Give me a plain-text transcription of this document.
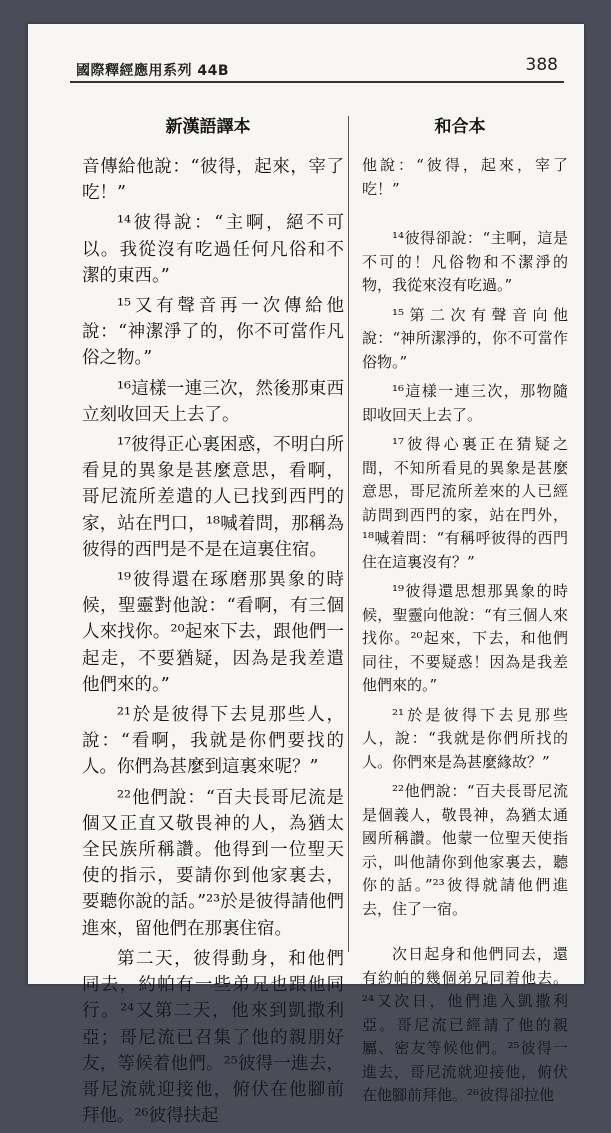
國際釋經應用系列 44B	388
新漢語譯本	和合本

音傳給他說：“彼得，起來，宰了吃！”

¹⁴彼得說：“主啊，絕不可以。我從沒有吃過任何凡俗和不潔的東西。”

¹⁵又有聲音再一次傳給他說：“神潔淨了的，你不可當作凡俗之物。”

¹⁶這樣一連三次，然後那東西立刻收回天上去了。

¹⁷彼得正心裏困惑，不明白所看見的異象是甚麼意思，看啊，哥尼流所差遣的人已找到西門的家，站在門口，¹⁸喊着問，那稱為彼得的西門是不是在這裏住宿。

¹⁹彼得還在琢磨那異象的時候，聖靈對他說：“看啊，有三個人來找你。²⁰起來下去，跟他們一起走，不要猶疑，因為是我差遣他們來的。”

²¹於是彼得下去見那些人，說：“看啊，我就是你們要找的人。你們為甚麼到這裏來呢？”

²²他們說：“百夫長哥尼流是個又正直又敬畏神的人，為猶太全民族所稱讚。他得到一位聖天使的指示，要請你到他家裏去，要聽你說的話。”²³於是彼得請他們進來，留他們在那裏住宿。

第二天，彼得動身，和他們同去，約帕有一些弟兄也跟他同行。²⁴又第二天，他來到凱撒利亞；哥尼流已召集了他的親朋好友，等候着他們。²⁵彼得一進去，哥尼流就迎接他，俯伏在他腳前拜他。²⁶彼得扶起

他說：“彼得，起來，宰了吃！”

¹⁴彼得卻說：“主啊，這是不可的！凡俗物和不潔淨的物，我從來沒有吃過。”

¹⁵第二次有聲音向他說：“神所潔淨的，你不可當作俗物。”

¹⁶這樣一連三次，那物隨即收回天上去了。

¹⁷彼得心裏正在猜疑之間，不知所看見的異象是甚麼意思，哥尼流所差來的人已經訪問到西門的家，站在門外，¹⁸喊着問：“有稱呼彼得的西門住在這裏沒有？”

¹⁹彼得還思想那異象的時候，聖靈向他說：“有三個人來找你。²⁰起來，下去，和他們同往，不要疑惑！因為是我差他們來的。”

²¹於是彼得下去見那些人，說：“我就是你們所找的人。你們來是為甚麼緣故？”

²²他們說：“百夫長哥尼流是個義人，敬畏神，為猶太通國所稱讚。他蒙一位聖天使指示，叫他請你到他家裏去，聽你的話。”²³彼得就請他們進去，住了一宿。

次日起身和他們同去，還有約帕的幾個弟兄同着他去。²⁴又次日，他們進入凱撒利亞。哥尼流已經請了他的親屬、密友等候他們。²⁵彼得一進去，哥尼流就迎接他，俯伏在他腳前拜他。²⁶彼得卻拉他
